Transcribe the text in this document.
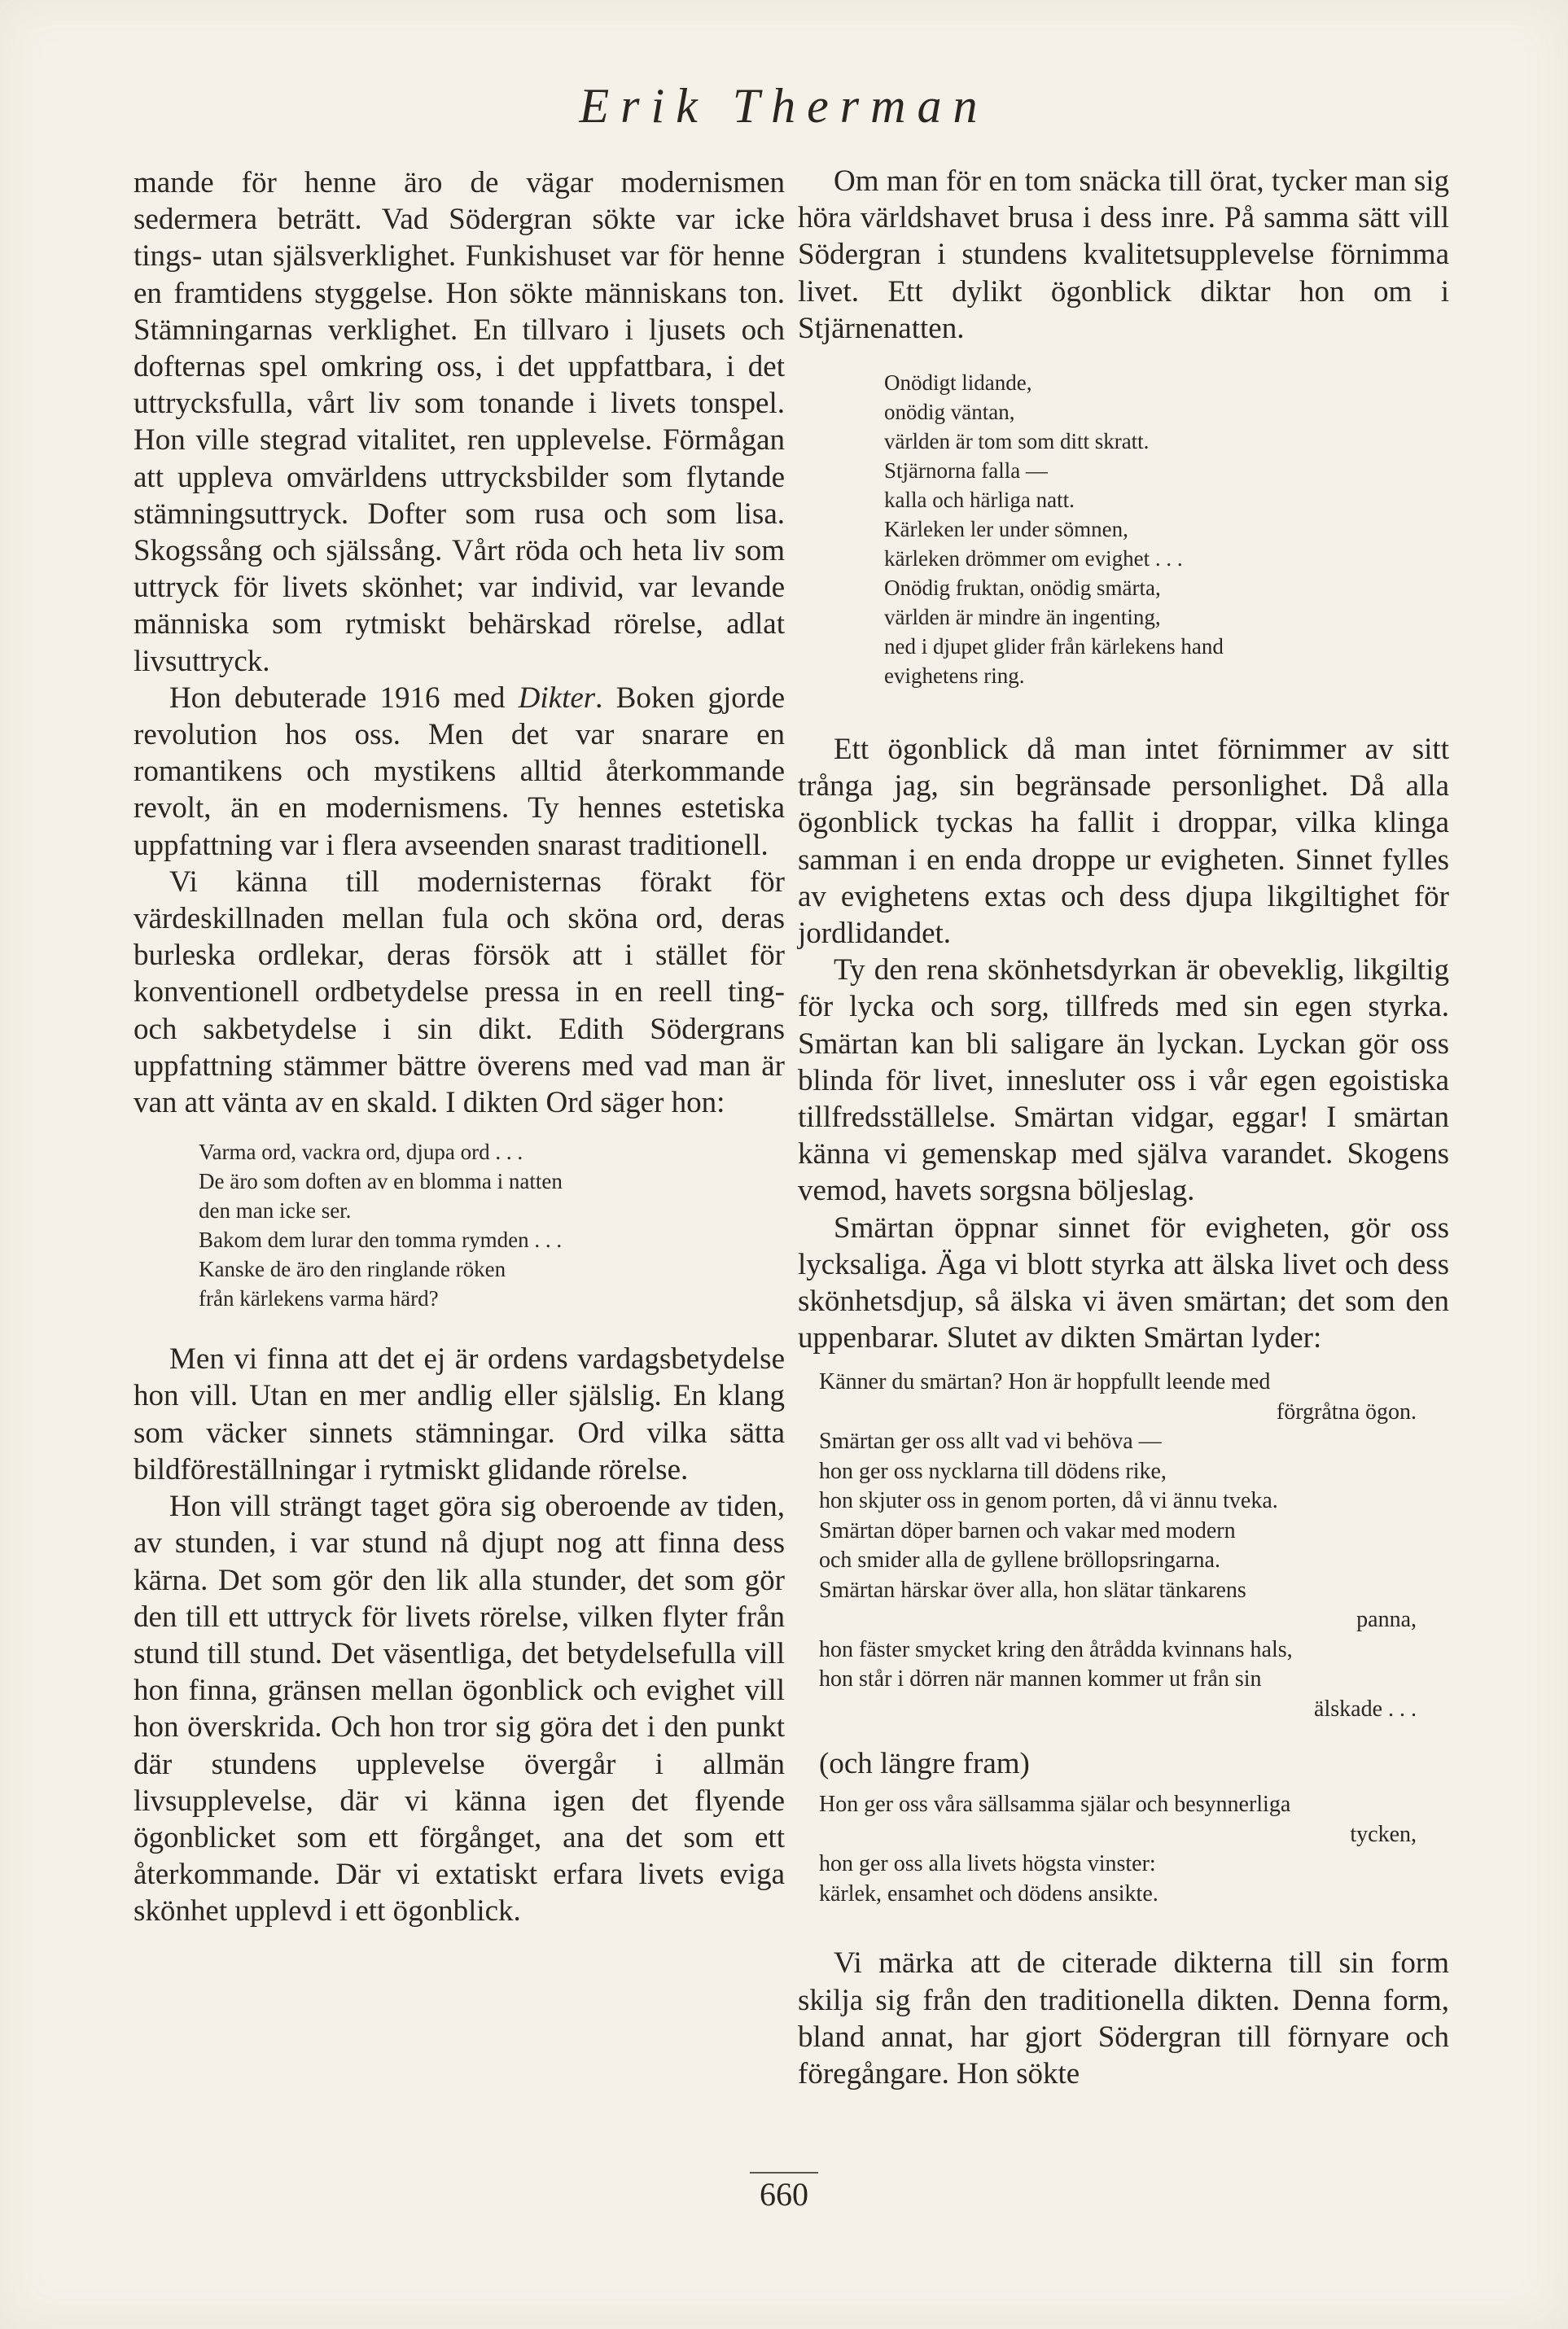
Erik Therman

mande för henne äro de vägar modernismen sedermera beträtt. Vad Södergran sökte var icke tings- utan själsverklighet. Funkishuset var för henne en framtidens styggelse. Hon sökte människans ton. Stämningarnas verklighet. En tillvaro i ljusets och dofternas spel omkring oss, i det uppfattbara, i det uttrycksfulla, vårt liv som tonande i livets tonspel. Hon ville stegrad vitalitet, ren upplevelse. Förmågan att uppleva omvärldens uttrycksbilder som flytande stämningsuttryck. Dofter som rusa och som lisa. Skogssång och själssång. Vårt röda och heta liv som uttryck för livets skönhet; var individ, var levande människa som rytmiskt behärskad rörelse, adlat livsuttryck.

Hon debuterade 1916 med Dikter. Boken gjorde revolution hos oss. Men det var snarare en romantikens och mystikens alltid återkommande revolt, än en modernismens. Ty hennes estetiska uppfattning var i flera avseenden snarast traditionell.

Vi känna till modernisternas förakt för värdeskillnaden mellan fula och sköna ord, deras burleska ordlekar, deras försök att i stället för konventionell ordbetydelse pressa in en reell ting- och sakbetydelse i sin dikt. Edith Södergrans uppfattning stämmer bättre överens med vad man är van att vänta av en skald. I dikten Ord säger hon:

Varma ord, vackra ord, djupa ord . . .
De äro som doften av en blomma i natten
den man icke ser.
Bakom dem lurar den tomma rymden . . .
Kanske de äro den ringlande röken
från kärlekens varma härd?

Men vi finna att det ej är ordens vardagsbetydelse hon vill. Utan en mer andlig eller själslig. En klang som väcker sinnets stämningar. Ord vilka sätta bildföreställningar i rytmiskt glidande rörelse.

Hon vill strängt taget göra sig oberoende av tiden, av stunden, i var stund nå djupt nog att finna dess kärna. Det som gör den lik alla stunder, det som gör den till ett uttryck för livets rörelse, vilken flyter från stund till stund. Det väsentliga, det betydelsefulla vill hon finna, gränsen mellan ögonblick och evighet vill hon överskrida. Och hon tror sig göra det i den punkt där stundens upplevelse övergår i allmän livsupplevelse, där vi känna igen det flyende ögonblicket som ett förgånget, ana det som ett återkommande. Där vi extatiskt erfara livets eviga skönhet upplevd i ett ögonblick.

Om man för en tom snäcka till örat, tycker man sig höra världshavet brusa i dess inre. På samma sätt vill Södergran i stundens kvalitetsupplevelse förnimma livet. Ett dylikt ögonblick diktar hon om i Stjärnenatten.

Onödigt lidande,
onödig väntan,
världen är tom som ditt skratt.
Stjärnorna falla —
kalla och härliga natt.
Kärleken ler under sömnen,
kärleken drömmer om evighet . . .
Onödig fruktan, onödig smärta,
världen är mindre än ingenting,
ned i djupet glider från kärlekens hand
evighetens ring.

Ett ögonblick då man intet förnimmer av sitt trånga jag, sin begränsade personlighet. Då alla ögonblick tyckas ha fallit i droppar, vilka klinga samman i en enda droppe ur evigheten. Sinnet fylles av evighetens extas och dess djupa likgiltighet för jordlidandet.

Ty den rena skönhetsdyrkan är obeveklig, likgiltig för lycka och sorg, tillfreds med sin egen styrka. Smärtan kan bli saligare än lyckan. Lyckan gör oss blinda för livet, innesluter oss i vår egen egoistiska tillfredsställelse. Smärtan vidgar, eggar! I smärtan känna vi gemenskap med själva varandet. Skogens vemod, havets sorgsna böljeslag.

Smärtan öppnar sinnet för evigheten, gör oss lycksaliga. Äga vi blott styrka att älska livet och dess skönhetsdjup, så älska vi även smärtan; det som den uppenbarar. Slutet av dikten Smärtan lyder:

Känner du smärtan? Hon är hoppfullt leende med
förgråtna ögon.
Smärtan ger oss allt vad vi behöva —
hon ger oss nycklarna till dödens rike,
hon skjuter oss in genom porten, då vi ännu tveka.
Smärtan döper barnen och vakar med modern
och smider alla de gyllene bröllopsringarna.
Smärtan härskar över alla, hon slätar tänkarens
panna,
hon fäster smycket kring den åtrådda kvinnans hals,
hon står i dörren när mannen kommer ut från sin
älskade . . .

(och längre fram)

Hon ger oss våra sällsamma själar och besynnerliga
tycken,
hon ger oss alla livets högsta vinster:
kärlek, ensamhet och dödens ansikte.

Vi märka att de citerade dikterna till sin form skilja sig från den traditionella dikten. Denna form, bland annat, har gjort Södergran till förnyare och föregångare. Hon sökte

660
